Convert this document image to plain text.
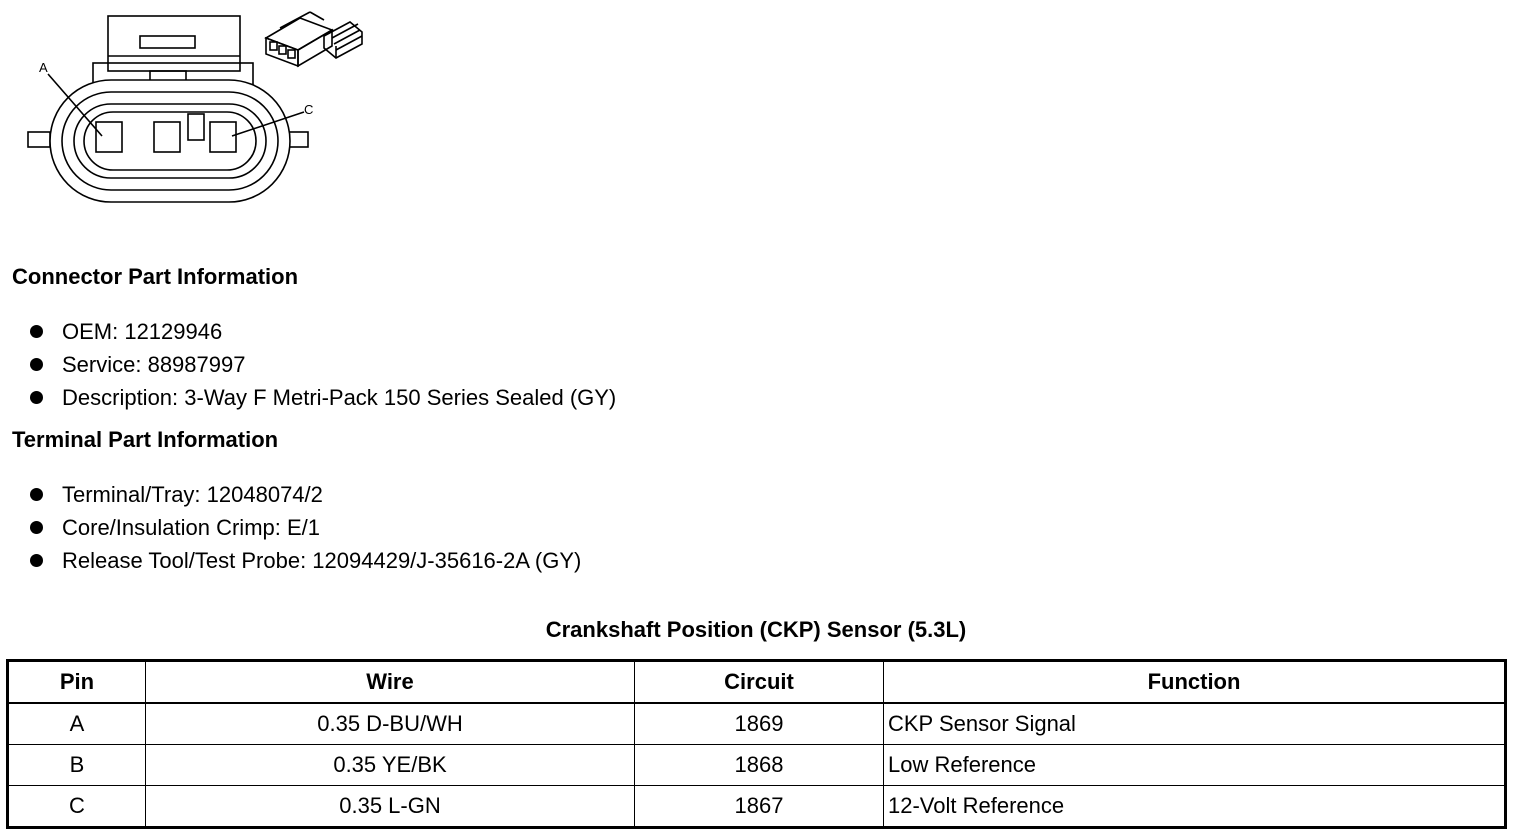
A
C
Connector Part Information
OEM: 12129946
Service: 88987997
Description: 3-Way F Metri-Pack 150 Series Sealed (GY)
Terminal Part Information
Terminal/Tray: 12048074/2
Core/Insulation Crimp: E/1
Release Tool/Test Probe: 12094429/J-35616-2A (GY)
Crankshaft Position (CKP) Sensor (5.3L)
Pin	Wire	Circuit	Function
A	0.35 D-BU/WH	1869	CKP Sensor Signal
B	0.35 YE/BK	1868	Low Reference
C	0.35 L-GN	1867	12-Volt Reference
